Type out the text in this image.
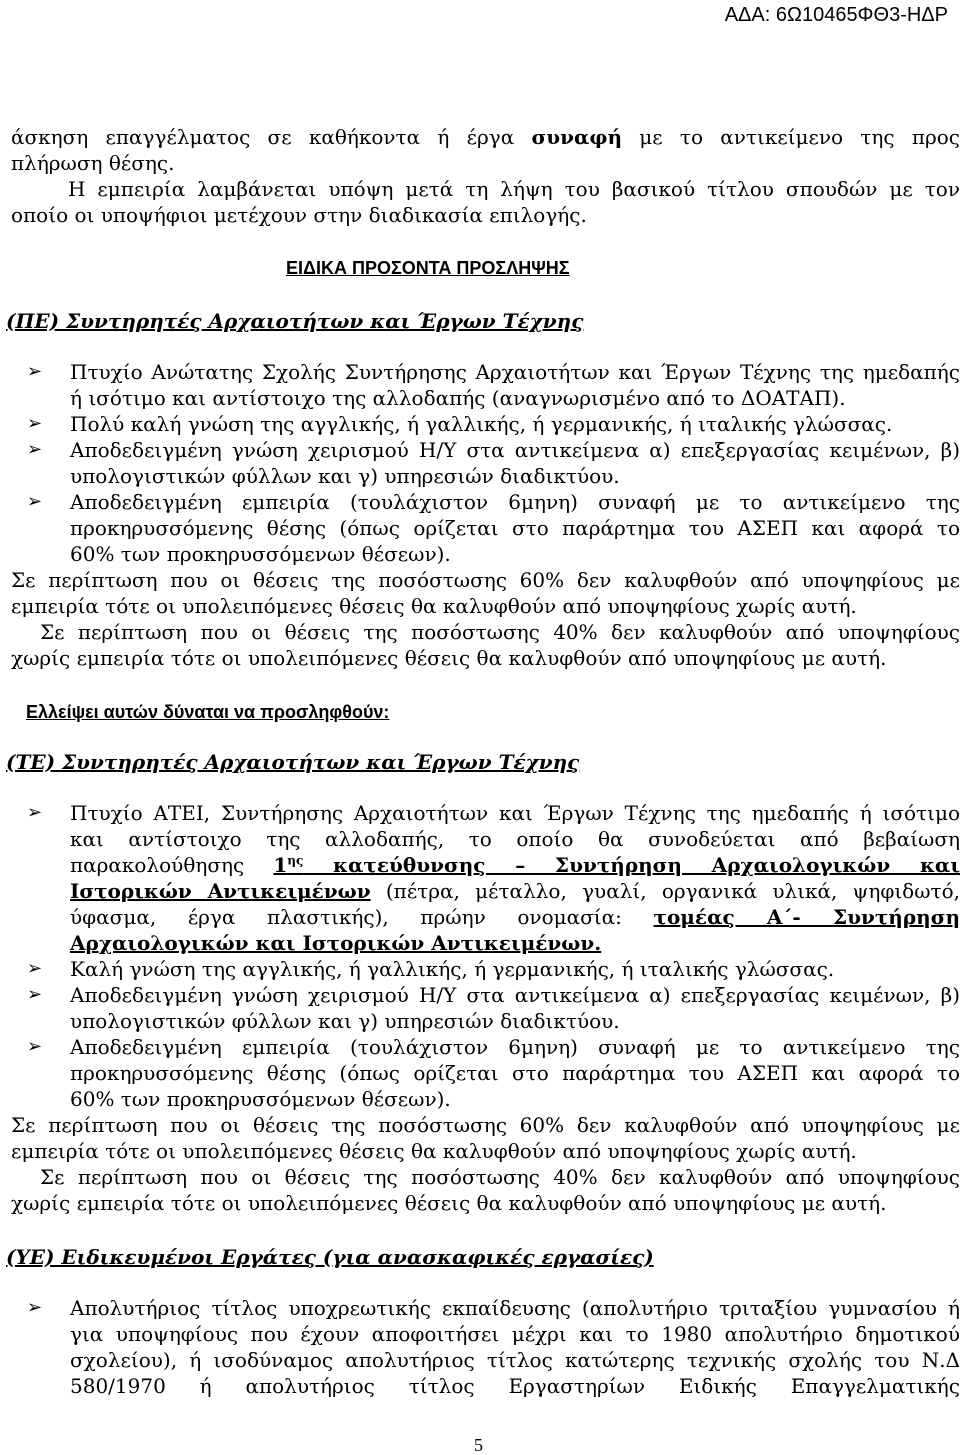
ΑΔΑ: 6Ω10465ΦΘ3-ΗΔΡ
άσκηση επαγγέλματος σε καθήκοντα ή έργα συναφή με το αντικείμενο της προς
πλήρωση θέσης.
Η εμπειρία λαμβάνεται υπόψη μετά τη λήψη του βασικού τίτλου σπουδών με τον
οποίο οι υποψήφιοι μετέχουν στην διαδικασία επιλογής.
ΕΙΔΙΚΑ ΠΡΟΣΟΝΤΑ ΠΡΟΣΛΗΨΗΣ
(ΠΕ) Συντηρητές Αρχαιοτήτων και Έργων Τέχνης
➢ Πτυχίο Ανώτατης Σχολής Συντήρησης Αρχαιοτήτων και Έργων Τέχνης της ημεδαπής
ή ισότιμο και αντίστοιχο της αλλοδαπής (αναγνωρισμένο από το ΔΟΑΤΑΠ).
➢ Πολύ καλή γνώση της αγγλικής, ή γαλλικής, ή γερμανικής, ή ιταλικής γλώσσας.
➢ Αποδεδειγμένη γνώση χειρισμού Η/Υ στα αντικείμενα α) επεξεργασίας κειμένων, β)
υπολογιστικών φύλλων και γ) υπηρεσιών διαδικτύου.
➢ Αποδεδειγμένη εμπειρία (τουλάχιστον 6μηνη) συναφή με το αντικείμενο της
προκηρυσσόμενης θέσης (όπως ορίζεται στο παράρτημα του ΑΣΕΠ και αφορά το
60% των προκηρυσσόμενων θέσεων).
Σε περίπτωση που οι θέσεις της ποσόστωσης 60% δεν καλυφθούν από υποψηφίους με
εμπειρία τότε οι υπολειπόμενες θέσεις θα καλυφθούν από υποψηφίους χωρίς αυτή.
Σε περίπτωση που οι θέσεις της ποσόστωσης 40% δεν καλυφθούν από υποψηφίους
χωρίς εμπειρία τότε οι υπολειπόμενες θέσεις θα καλυφθούν από υποψηφίους με αυτή.
Ελλείψει αυτών δύναται να προσληφθούν:
(ΤΕ) Συντηρητές Αρχαιοτήτων και Έργων Τέχνης
➢ Πτυχίο ΑΤΕΙ, Συντήρησης Αρχαιοτήτων και Έργων Τέχνης της ημεδαπής ή ισότιμο
και αντίστοιχο της αλλοδαπής, το οποίο θα συνοδεύεται από βεβαίωση
παρακολούθησης $1^{\eta\varsigma}$ κατεύθυνσης – Συντήρηση Αρχαιολογικών και
Ιστορικών Αντικειμένων (πέτρα, μέταλλο, γυαλί, οργανικά υλικά, ψηφιδωτό,
ύφασμα, έργα πλαστικής), πρώην ονομασία: τομέας Α΄- Συντήρηση
Αρχαιολογικών και Ιστορικών Αντικειμένων.
➢ Καλή γνώση της αγγλικής, ή γαλλικής, ή γερμανικής, ή ιταλικής γλώσσας.
➢ Αποδεδειγμένη γνώση χειρισμού Η/Υ στα αντικείμενα α) επεξεργασίας κειμένων, β)
υπολογιστικών φύλλων και γ) υπηρεσιών διαδικτύου.
➢ Αποδεδειγμένη εμπειρία (τουλάχιστον 6μηνη) συναφή με το αντικείμενο της
προκηρυσσόμενης θέσης (όπως ορίζεται στο παράρτημα του ΑΣΕΠ και αφορά το
60% των προκηρυσσόμενων θέσεων).
Σε περίπτωση που οι θέσεις της ποσόστωσης 60% δεν καλυφθούν από υποψηφίους με
εμπειρία τότε οι υπολειπόμενες θέσεις θα καλυφθούν από υποψηφίους χωρίς αυτή.
Σε περίπτωση που οι θέσεις της ποσόστωσης 40% δεν καλυφθούν από υποψηφίους
χωρίς εμπειρία τότε οι υπολειπόμενες θέσεις θα καλυφθούν από υποψηφίους με αυτή.
(ΥΕ) Ειδικευμένοι Εργάτες (για ανασκαφικές εργασίες)
➢ Απολυτήριος τίτλος υποχρεωτικής εκπαίδευσης (απολυτήριο τριταξίου γυμνασίου ή
για υποψηφίους που έχουν αποφοιτήσει μέχρι και το 1980 απολυτήριο δημοτικού
σχολείου), ή ισοδύναμος απολυτήριος τίτλος κατώτερης τεχνικής σχολής του Ν.Δ
580/1970 ή απολυτήριος τίτλος Εργαστηρίων Ειδικής Επαγγελματικής
5
